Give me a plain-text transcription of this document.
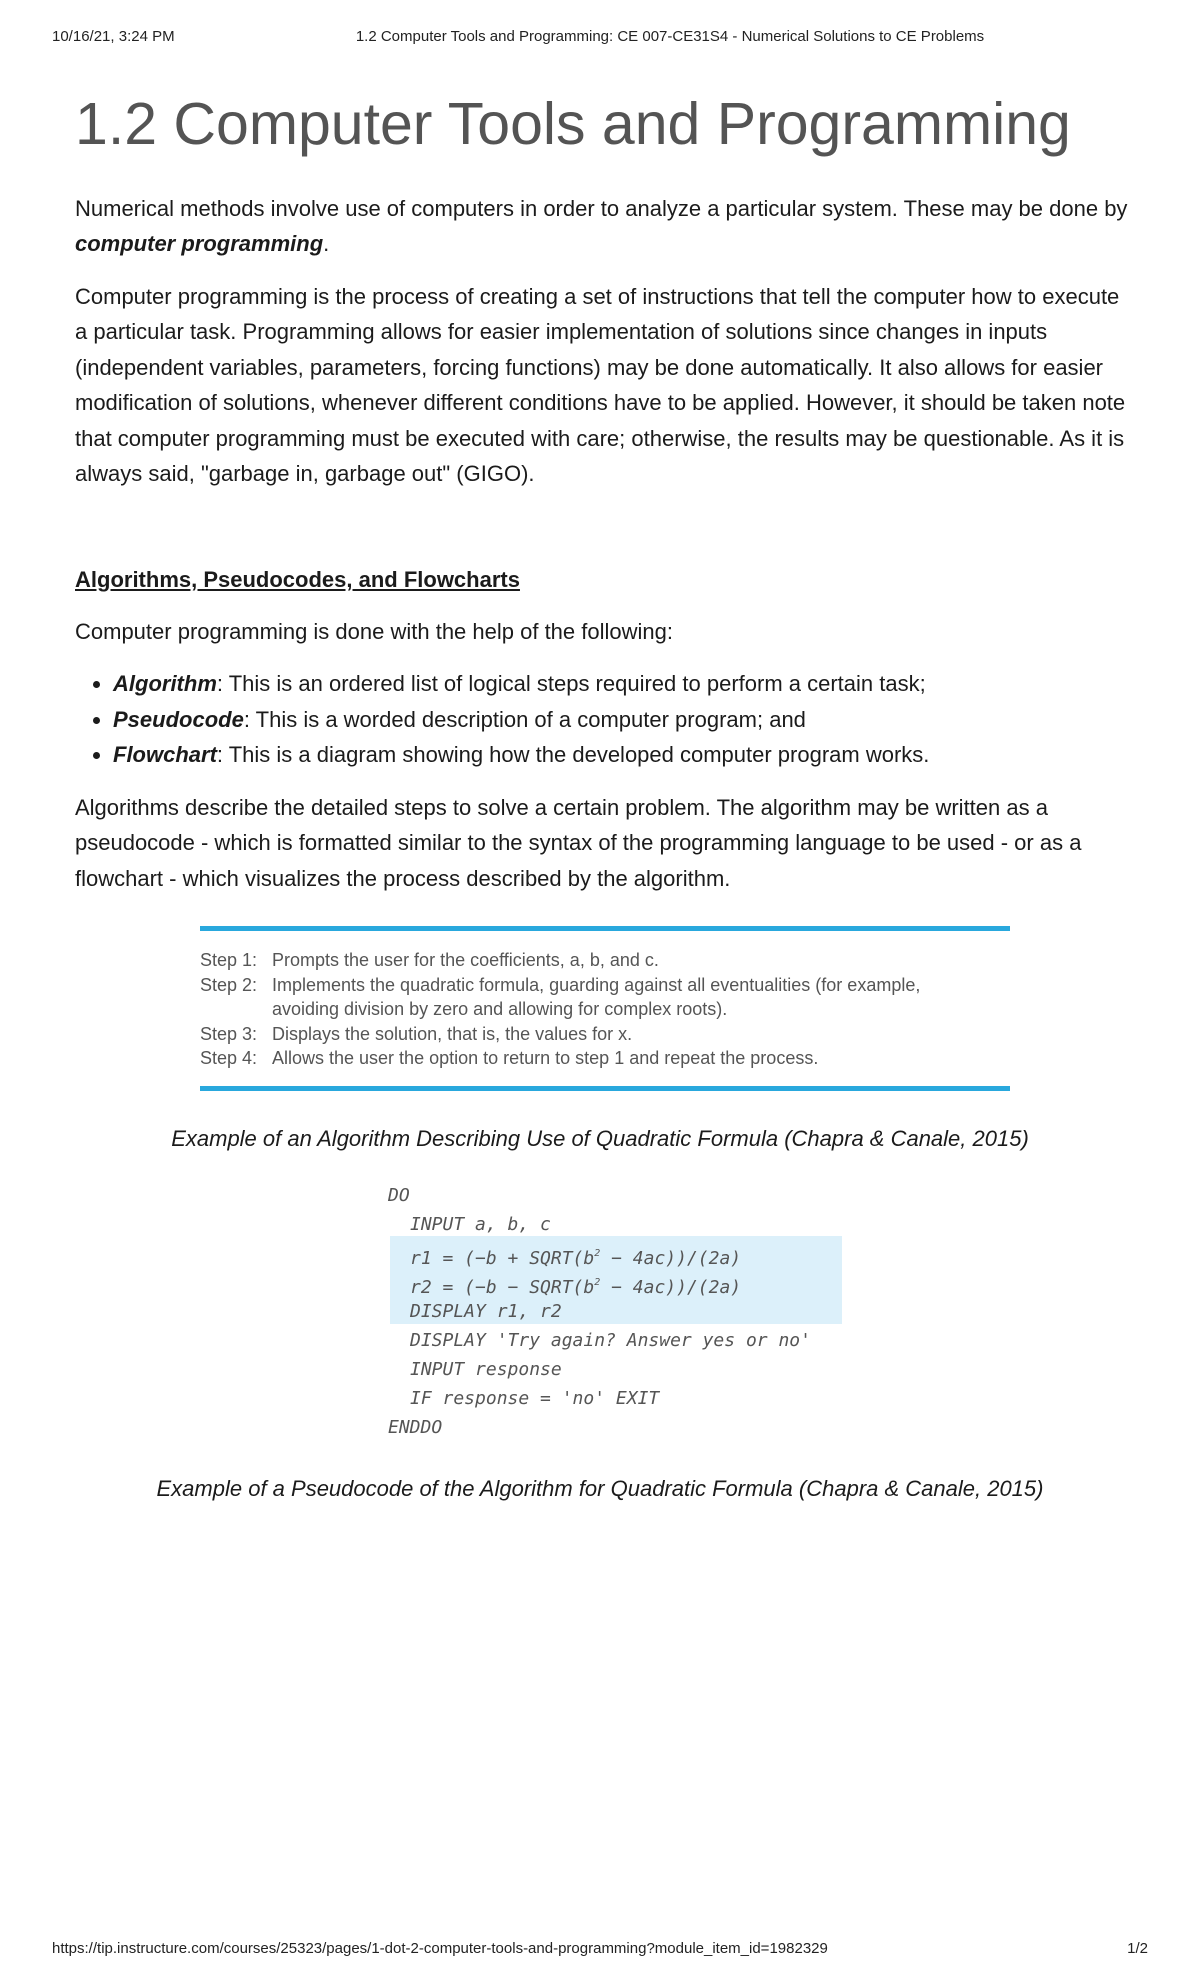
10/16/21, 3:24 PM	1.2 Computer Tools and Programming: CE 007-CE31S4 - Numerical Solutions to CE Problems
1.2 Computer Tools and Programming

Numerical methods involve use of computers in order to analyze a particular system. These may be done by computer programming.

Computer programming is the process of creating a set of instructions that tell the computer how to execute a particular task. Programming allows for easier implementation of solutions since changes in inputs (independent variables, parameters, forcing functions) may be done automatically. It also allows for easier modification of solutions, whenever different conditions have to be applied. However, it should be taken note that computer programming must be executed with care; otherwise, the results may be questionable. As it is always said, "garbage in, garbage out" (GIGO).

Algorithms, Pseudocodes, and Flowcharts

Computer programming is done with the help of the following:

• Algorithm: This is an ordered list of logical steps required to perform a certain task;
• Pseudocode: This is a worded description of a computer program; and
• Flowchart: This is a diagram showing how the developed computer program works.

Algorithms describe the detailed steps to solve a certain problem. The algorithm may be written as a pseudocode - which is formatted similar to the syntax of the programming language to be used - or as a flowchart - which visualizes the process described by the algorithm.

Step 1: Prompts the user for the coefficients, a, b, and c.
Step 2: Implements the quadratic formula, guarding against all eventualities (for example,
avoiding division by zero and allowing for complex roots).
Step 3: Displays the solution, that is, the values for x.
Step 4: Allows the user the option to return to step 1 and repeat the process.
Example of an Algorithm Describing Use of Quadratic Formula (Chapra & Canale, 2015)
DO
INPUT a, b, c
$r1 = (-b + SQRT(b^2 - 4ac))/(2a)$
$r2 = (-b - SQRT(b^2 - 4ac))/(2a)$
DISPLAY r1, r2
DISPLAY 'Try again? Answer yes or no'
INPUT response
IF response = 'no' EXIT
ENDDO
Example of a Pseudocode of the Algorithm for Quadratic Formula (Chapra & Canale, 2015)
https://tip.instructure.com/courses/25323/pages/1-dot-2-computer-tools-and-programming?module_item_id=1982329	1/2
